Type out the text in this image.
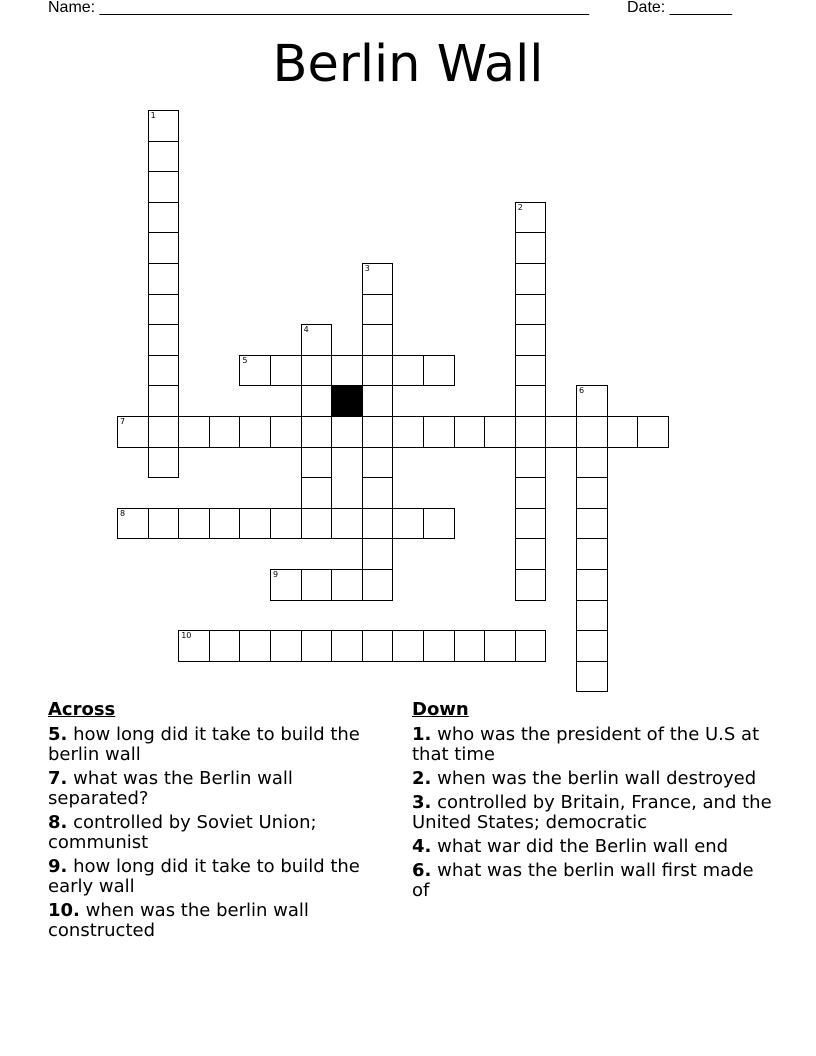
Name: _______________________________________________________ Date: _______
Berlin Wall
1
2
3
4
5
6
7
8
9
10
Across
5. how long did it take to build the berlin wall
7. what was the Berlin wall separated?
8. controlled by Soviet Union; communist
9. how long did it take to build the early wall
10. when was the berlin wall constructed
Down
1. who was the president of the U.S at that time
2. when was the berlin wall destroyed
3. controlled by Britain, France, and the United States; democratic
4. what war did the Berlin wall end
6. what was the berlin wall first made of
